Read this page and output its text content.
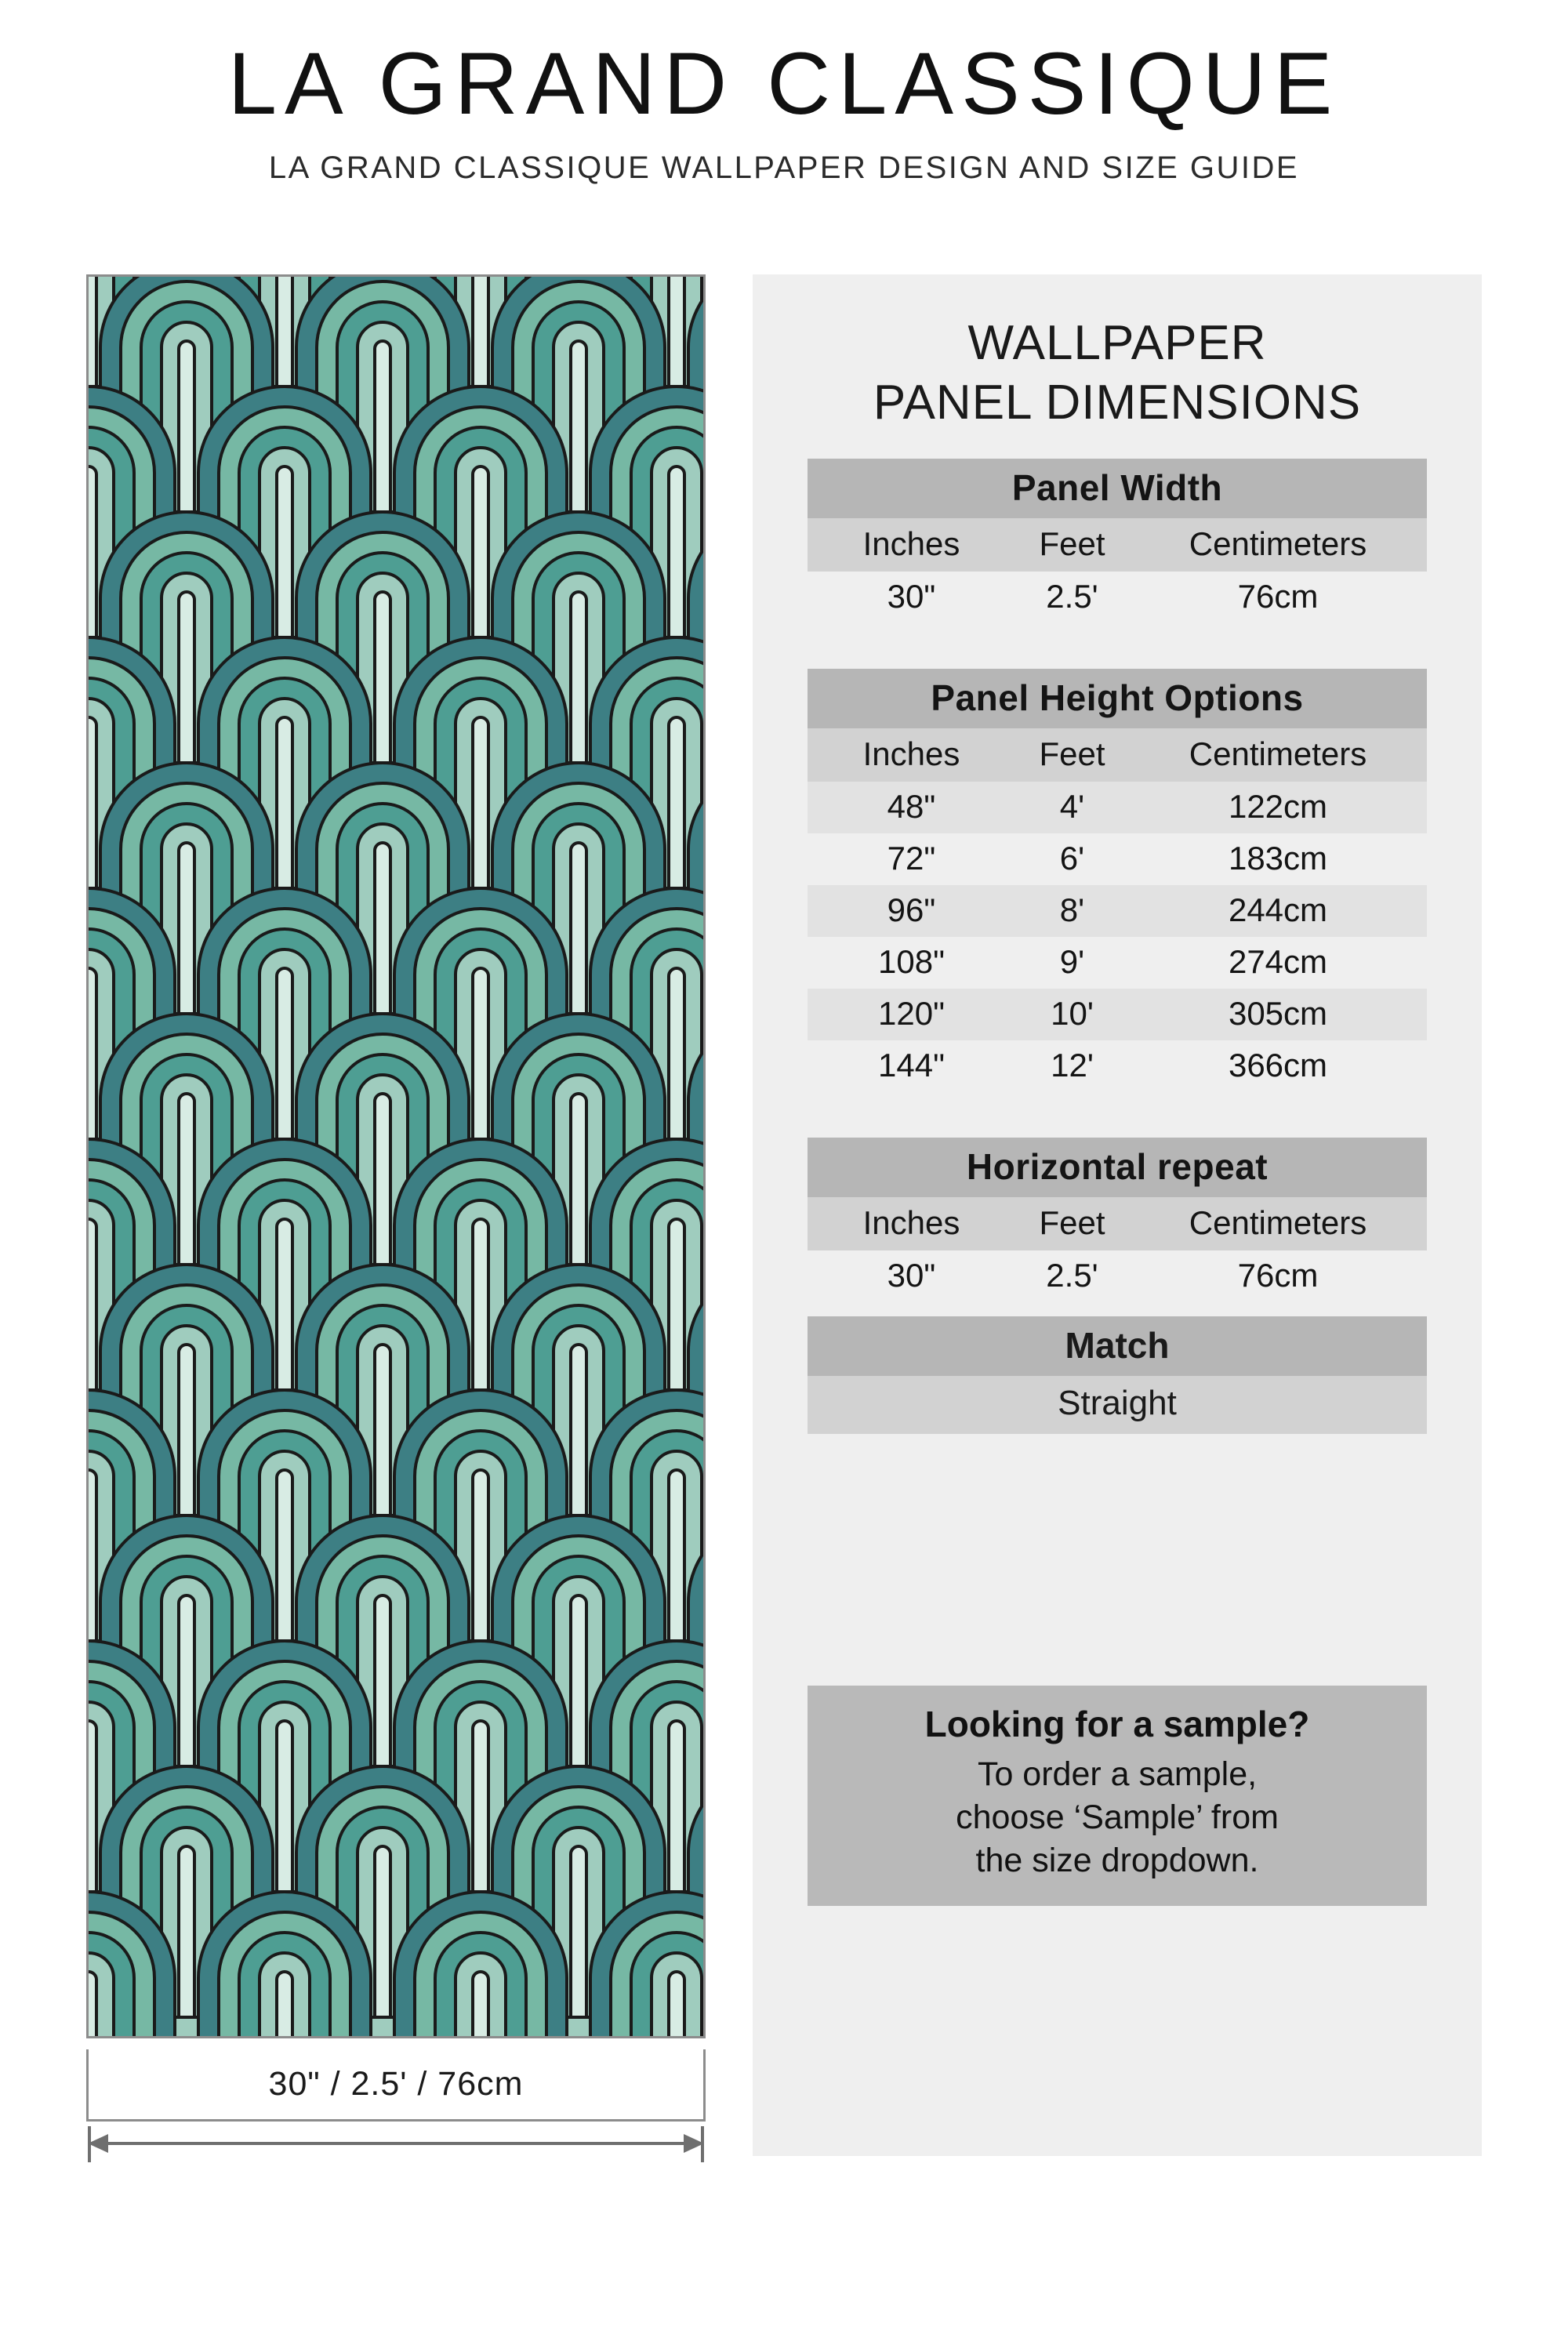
LA GRAND CLASSIQUE

LA GRAND CLASSIQUE WALLPAPER DESIGN AND SIZE GUIDE

30" / 2.5' / 76cm
WALLPAPER
PANEL DIMENSIONS
Panel Width
Inches	Feet	Centimeters
30"	2.5'	76cm
Panel Height Options
Inches	Feet	Centimeters
48"	4'	122cm
72"	6'	183cm
96"	8'	244cm
108"	9'	274cm
120"	10'	305cm
144"	12'	366cm
Horizontal repeat
Inches	Feet	Centimeters
30"	2.5'	76cm
Match
Straight
Looking for a sample?
To order a sample,
choose ‘Sample’ from
the size dropdown.
